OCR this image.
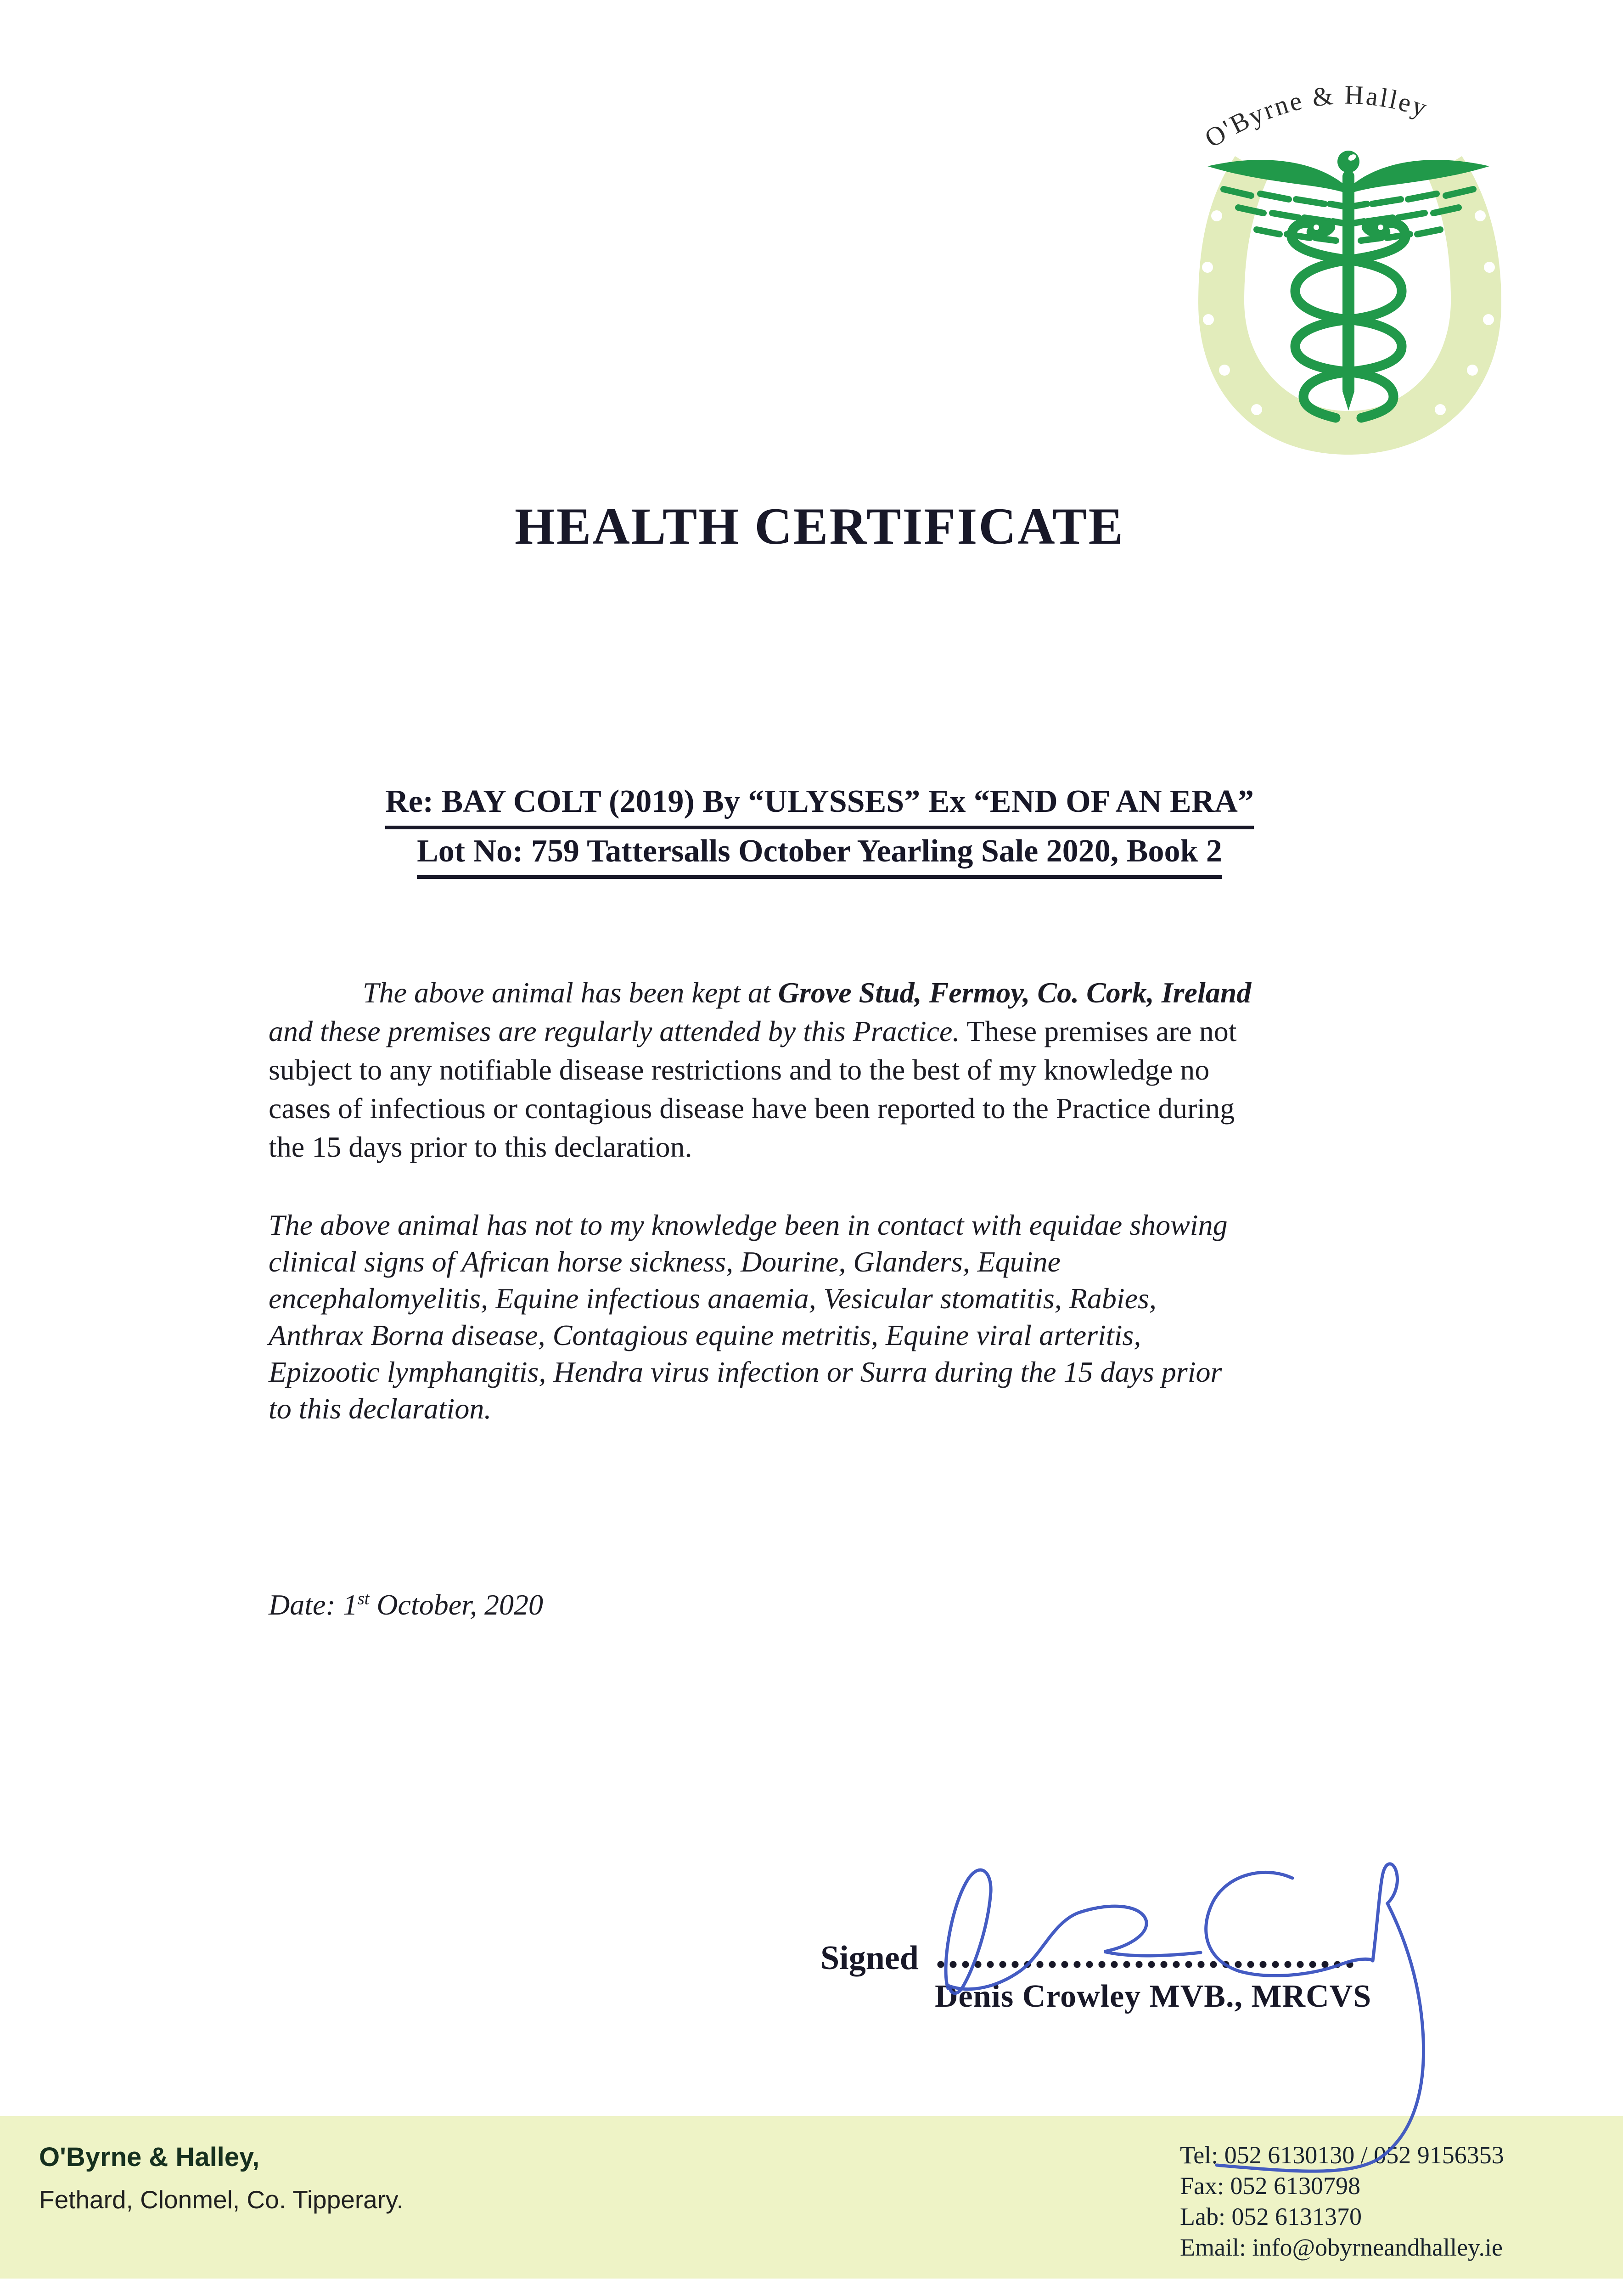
O'Byrne & Halley
HEALTH CERTIFICATE
Re: BAY COLT (2019) By “ULYSSES” Ex “END OF AN ERA”
Lot No: 759 Tattersalls October Yearling Sale 2020, Book 2
The above animal has been kept at Grove Stud, Fermoy, Co. Cork, Ireland
and these premises are regularly attended by this Practice. These premises are not
subject to any notifiable disease restrictions and to the best of my knowledge no
cases of infectious or contagious disease have been reported to the Practice during
the 15 days prior to this declaration.
The above animal has not to my knowledge been in contact with equidae showing
clinical signs of African horse sickness, Dourine, Glanders, Equine
encephalomyelitis, Equine infectious anaemia, Vesicular stomatitis, Rabies,
Anthrax Borna disease, Contagious equine metritis, Equine viral arteritis,
Epizootic lymphangitis, Hendra virus infection or Surra during the 15 days prior
to this declaration.
Date: 1st October, 2020
Signed
Denis Crowley MVB., MRCVS
O'Byrne & Halley,
Fethard, Clonmel, Co. Tipperary.
Tel: 052 6130130 / 052 9156353
Fax: 052 6130798
Lab: 052 6131370
Email: info@obyrneandhalley.ie
